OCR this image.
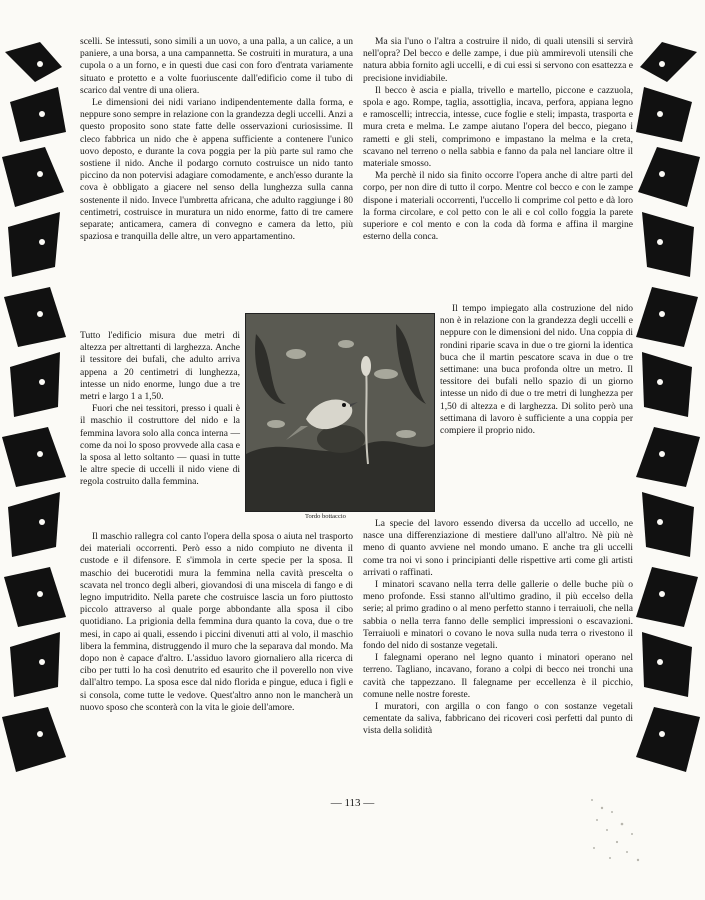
scelli. Se intessuti, sono simili a un uovo, a una palla, a un calice, a un paniere, a una borsa, a una campannetta. Se costruiti in muratura, a una cupola o a un forno, e in questi due casi con foro d'entrata variamente situato e protetto e a volte fuoriuscente dall'edificio come il tubo di scarico dal ventre di una oliera.

Le dimensioni dei nidi variano indipendentemente dalla forma, e neppure sono sempre in relazione con la grandezza degli uccelli. Anzi a questo proposito sono state fatte delle osservazioni curiosissime. Il cleco fabbrica un nido che è appena sufficiente a contenere l'unico uovo deposto, e durante la cova poggia per la più parte sul ramo che sostiene il nido. Anche il podargo cornuto costruisce un nido tanto piccino da non potervisi adagiare comodamente, e anch'esso durante la cova è obbligato a giacere nel senso della lunghezza sulla canna sostenente il nido. Invece l'umbretta africana, che adulto raggiunge i 80 centimetri, costruisce in muratura un nido enorme, fatto di tre camere separate; anticamera, camera di convegno e camera da letto, più spaziosa e tranquilla delle altre, un vero appartamentino.

Tutto l'edificio misura due metri di altezza per altrettanti di larghezza. Anche il tessitore dei bufali, che adulto arriva appena a 20 centimetri di lunghezza, intesse un nido enorme, lungo due a tre metri e largo 1 a 1,50.

Fuori che nei tessitori, presso i quali è il maschio il costruttore del nido e la femmina lavora solo alla conca interna — come da noi lo sposo provvede alla casa e la sposa al letto soltanto — quasi in tutte le altre specie di uccelli il nido viene di regola costruito dalla femmina.

Tordo bottaccio

Il maschio rallegra col canto l'opera della sposa o aiuta nel trasporto dei materiali occorrenti. Però esso a nido compiuto ne diventa il custode e il difensore. E s'immola in certe specie per la sposa. Il maschio dei bucerotidi mura la femmina nella cavità prescelta o scavata nel tronco degli alberi, giovandosi di una miscela di fango e di legno imputridito. Nella parete che costruisce lascia un foro piuttosto piccolo attraverso al quale porge abbondante alla sposa il cibo quotidiano. La prigionia della femmina dura quanto la cova, due o tre mesi, in capo ai quali, essendo i piccini divenuti atti al volo, il maschio libera la femmina, distruggendo il muro che la separava dal mondo. Ma dopo non è capace d'altro. L'assiduo lavoro giornaliero alla ricerca di cibo per tutti lo ha così denutrito ed esaurito che il poverello non vive dall'altro tempo. La sposa esce dal nido florida e pingue, educa i figli e si consola, come tutte le vedove. Quest'altro anno non le mancherà un nuovo sposo che sconterà con la vita le gioie dell'amore.

Ma sia l'uno o l'altra a costruire il nido, di quali utensili si servirà nell'opra? Del becco e delle zampe, i due più ammirevoli utensili che natura abbia fornito agli uccelli, e di cui essi si servono con esattezza e precisione invidiabile.

Il becco è ascia e pialla, trivello e martello, piccone e cazzuola, spola e ago. Rompe, taglia, assottiglia, incava, perfora, appiana legno e ramoscelli; intreccia, intesse, cuce foglie e steli; impasta, trasporta e mura creta e melma. Le zampe aiutano l'opera del becco, piegano i rametti e gli steli, comprimono e impastano la melma e la creta, scavano nel terreno o nella sabbia e fanno da pala nel lanciare oltre il materiale smosso.

Ma perchè il nido sia finito occorre l'opera anche di altre parti del corpo, per non dire di tutto il corpo. Mentre col becco e con le zampe dispone i materiali occorrenti, l'uccello li comprime col petto e dà loro la forma circolare, e col petto con le ali e col collo foggia la parete superiore e col mento e con la coda dà forma e affina il margine esterno della conca.

Il tempo impiegato alla costruzione del nido non è in relazione con la grandezza degli uccelli e neppure con le dimensioni del nido. Una coppia di rondini riparie scava in due o tre giorni la identica buca che il martin pescatore scava in due o tre settimane: una buca profonda oltre un metro. Il tessitore dei bufali nello spazio di un giorno intesse un nido di due o tre metri di lunghezza per 1,50 di altezza e di larghezza. Di solito però una settimana di lavoro è sufficiente a una coppia per compiere il proprio nido.

La specie del lavoro essendo diversa da uccello ad uccello, ne nasce una differenziazione di mestiere dall'uno all'altro. Nè più nè meno di quanto avviene nel mondo umano. E anche tra gli uccelli come tra noi vi sono i principianti delle rispettive arti come gli artisti arrivati o raffinati.

I minatori scavano nella terra delle gallerie o delle buche più o meno profonde. Essi stanno all'ultimo gradino, il più eccelso della serie; al primo gradino o al meno perfetto stanno i terraiuoli, che nella sabbia o nella terra fanno delle semplici impressioni o escavazioni. Terraiuoli e minatori o covano le nova sulla nuda terra o rivestono il fondo del nido di sostanze vegetali.

I falegnami operano nel legno quanto i minatori operano nel terreno. Tagliano, incavano, forano a colpi di becco nei tronchi una cavità che tappezzano. Il falegname per eccellenza è il picchio, comune nelle nostre foreste.

I muratori, con argilla o con fango o con sostanze vegetali cementate da saliva, fabbricano dei ricoveri così perfetti dal punto di vista della solidità

— 113 —
